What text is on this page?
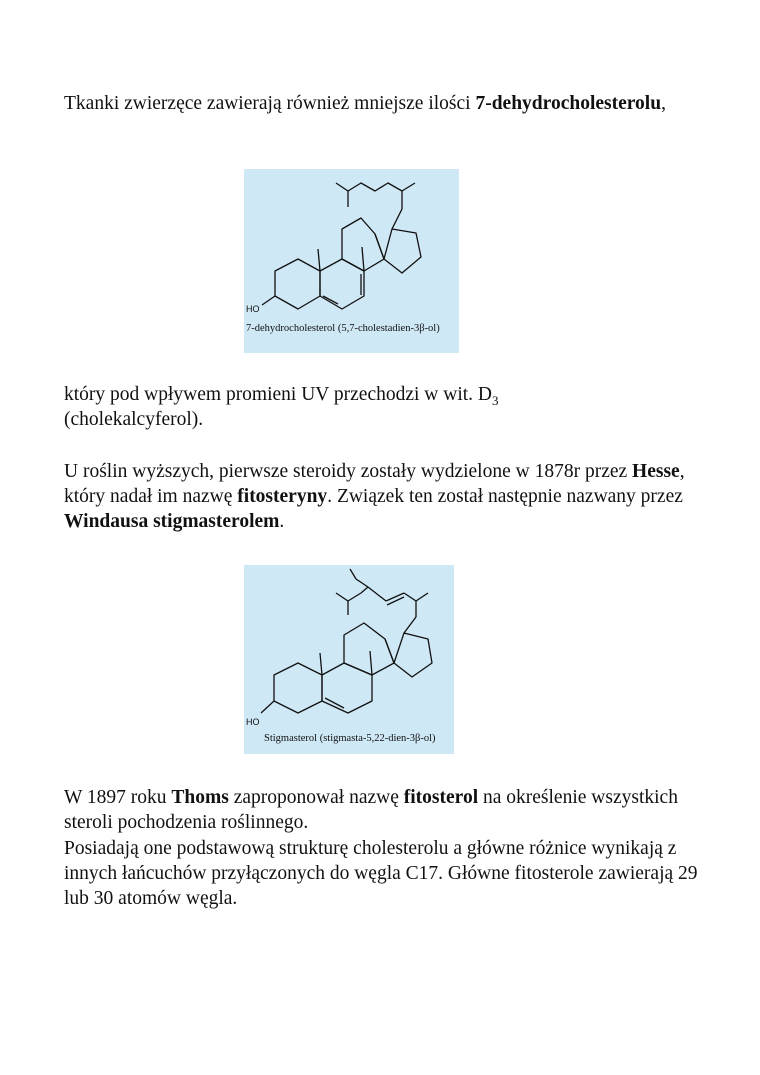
Tkanki zwierzęce zawierają również mniejsze ilości 7-dehydrocholesterolu,

HO
7-dehydrocholesterol (5,7-cholestadien-3β-ol)

który pod wpływem promieni UV przechodzi w wit. $D_3$
(cholekalcyferol).

U roślin wyższych, pierwsze steroidy zostały wydzielone w 1878r przez Hesse, który nadał im nazwę fitosteryny. Związek ten został następnie nazwany przez Windausa stigmasterolem.

HO
Stigmasterol (stigmasta-5,22-dien-3β-ol)

W 1897 roku Thoms zaproponował nazwę fitosterol na określenie wszystkich steroli pochodzenia roślinnego.

Posiadają one podstawową strukturę cholesterolu a główne różnice wynikają z innych łańcuchów przyłączonych do węgla C17. Główne fitosterole zawierają 29 lub 30 atomów węgla.
